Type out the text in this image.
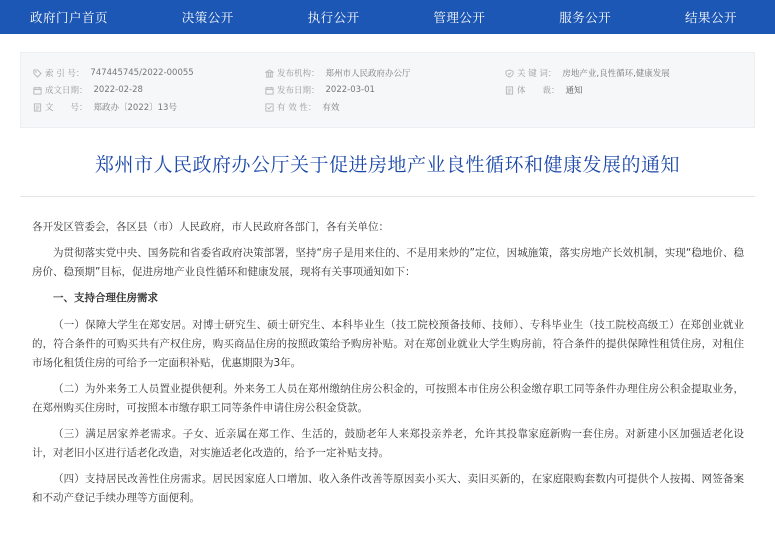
政府门户首页	决策公开	执行公开	管理公开	服务公开	结果公开
索 引 号： 747445745/2022-00055	发布机构： 郑州市人民政府办公厅	关 键 词： 房地产业,良性循环,健康发展
成文日期： 2022-02-28	发布日期： 2022-03-01	体　　裁： 通知
文　　号： 郑政办〔2022〕13号	有 效 性： 有效
郑州市人民政府办公厅关于促进房地产业良性循环和健康发展的通知

各开发区管委会，各区县（市）人民政府，市人民政府各部门，各有关单位：

为贯彻落实党中央、国务院和省委省政府决策部署，坚持“房子是用来住的、不是用来炒的”定位，因城施策，落实房地产长效机制，实现“稳地价、稳房价、稳预期”目标，促进房地产业良性循环和健康发展，现将有关事项通知如下：

一、支持合理住房需求

（一）保障大学生在郑安居。对博士研究生、硕士研究生、本科毕业生（技工院校预备技师、技师）、专科毕业生（技工院校高级工）在郑创业就业的，符合条件的可购买共有产权住房，购买商品住房的按照政策给予购房补贴。对在郑创业就业大学生购房前，符合条件的提供保障性租赁住房，对租住市场化租赁住房的可给予一定面积补贴，优惠期限为3年。

（二）为外来务工人员置业提供便利。外来务工人员在郑州缴纳住房公积金的，可按照本市住房公积金缴存职工同等条件办理住房公积金提取业务，在郑州购买住房时，可按照本市缴存职工同等条件申请住房公积金贷款。

（三）满足居家养老需求。子女、近亲属在郑工作、生活的，鼓励老年人来郑投亲养老，允许其投靠家庭新购一套住房。对新建小区加强适老化设计，对老旧小区进行适老化改造，对实施适老化改造的，给予一定补贴支持。

（四）支持居民改善性住房需求。居民因家庭人口增加、收入条件改善等原因卖小买大、卖旧买新的，在家庭限购套数内可提供个人按揭、网签备案和不动产登记手续办理等方面便利。
